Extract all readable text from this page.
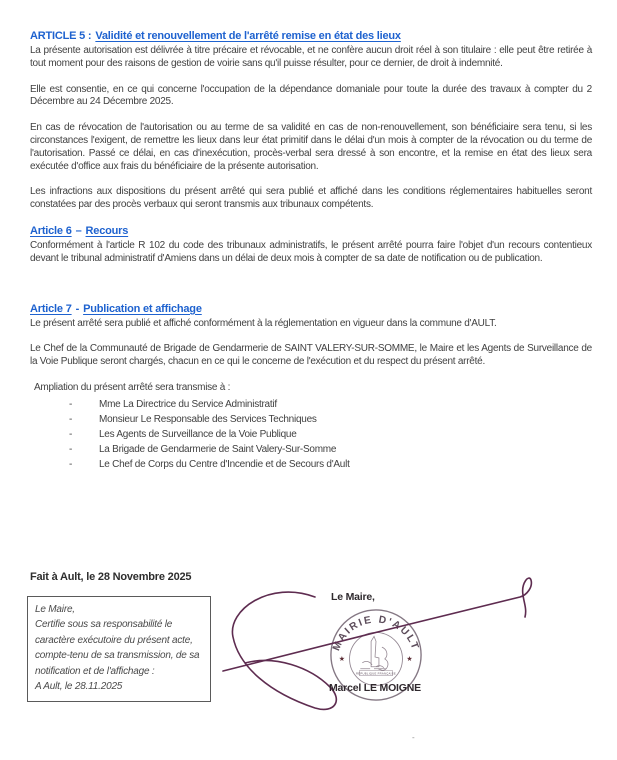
ARTICLE 5 : Validité et renouvellement de l'arrêté remise en état des lieux

La présente autorisation est délivrée à titre précaire et révocable, et ne confère aucun droit réel à son titulaire : elle peut être retirée à tout moment pour des raisons de gestion de voirie sans qu'il puisse résulter, pour ce dernier, de droit à indemnité.

Elle est consentie, en ce qui concerne l'occupation de la dépendance domaniale pour toute la durée des travaux à compter du 2 Décembre au 24 Décembre 2025.

En cas de révocation de l'autorisation ou au terme de sa validité en cas de non-renouvellement, son bénéficiaire sera tenu, si les circonstances l'exigent, de remettre les lieux dans leur état primitif dans le délai d'un mois à compter de la révocation ou du terme de l'autorisation. Passé ce délai, en cas d'inexécution, procès-verbal sera dressé à son encontre, et la remise en état des lieux sera exécutée d'office aux frais du bénéficiaire de la présente autorisation.

Les infractions aux dispositions du présent arrêté qui sera publié et affiché dans les conditions réglementaires habituelles seront constatées par des procès verbaux qui seront transmis aux tribunaux compétents.

Article 6 – Recours

Conformément à l'article R 102 du code des tribunaux administratifs, le présent arrêté pourra faire l'objet d'un recours contentieux devant le tribunal administratif d'Amiens dans un délai de deux mois à compter de sa date de notification ou de publication.

Article 7 - Publication et affichage

Le présent arrêté sera publié et affiché conformément à la réglementation en vigueur dans la commune d'AULT.

Le Chef de la Communauté de Brigade de Gendarmerie de SAINT VALERY-SUR-SOMME, le Maire et les Agents de Surveillance de la Voie Publique seront chargés, chacun en ce qui le concerne de l'exécution et du respect du présent arrêté.

Ampliation du présent arrêté sera transmise à :

-	Mme La Directrice du Service Administratif
-	Monsieur Le Responsable des Services Techniques
-	Les Agents de Surveillance de la Voie Publique
-	La Brigade de Gendarmerie de Saint Valery-Sur-Somme
-	Le Chef de Corps du Centre d'Incendie et de Secours d'Ault
Fait à Ault, le 28 Novembre 2025
Le Maire,
Certifie sous sa responsabilité le
caractère exécutoire du présent acte,
compte-tenu de sa transmission, de sa
notification et de l'affichage :
A Ault, le 28.11.2025
Le Maire,
MAIRIE D'AULT
★	★
RÉPUBLIQUE FRANÇAISE
Marcel LE MOIGNE
-
